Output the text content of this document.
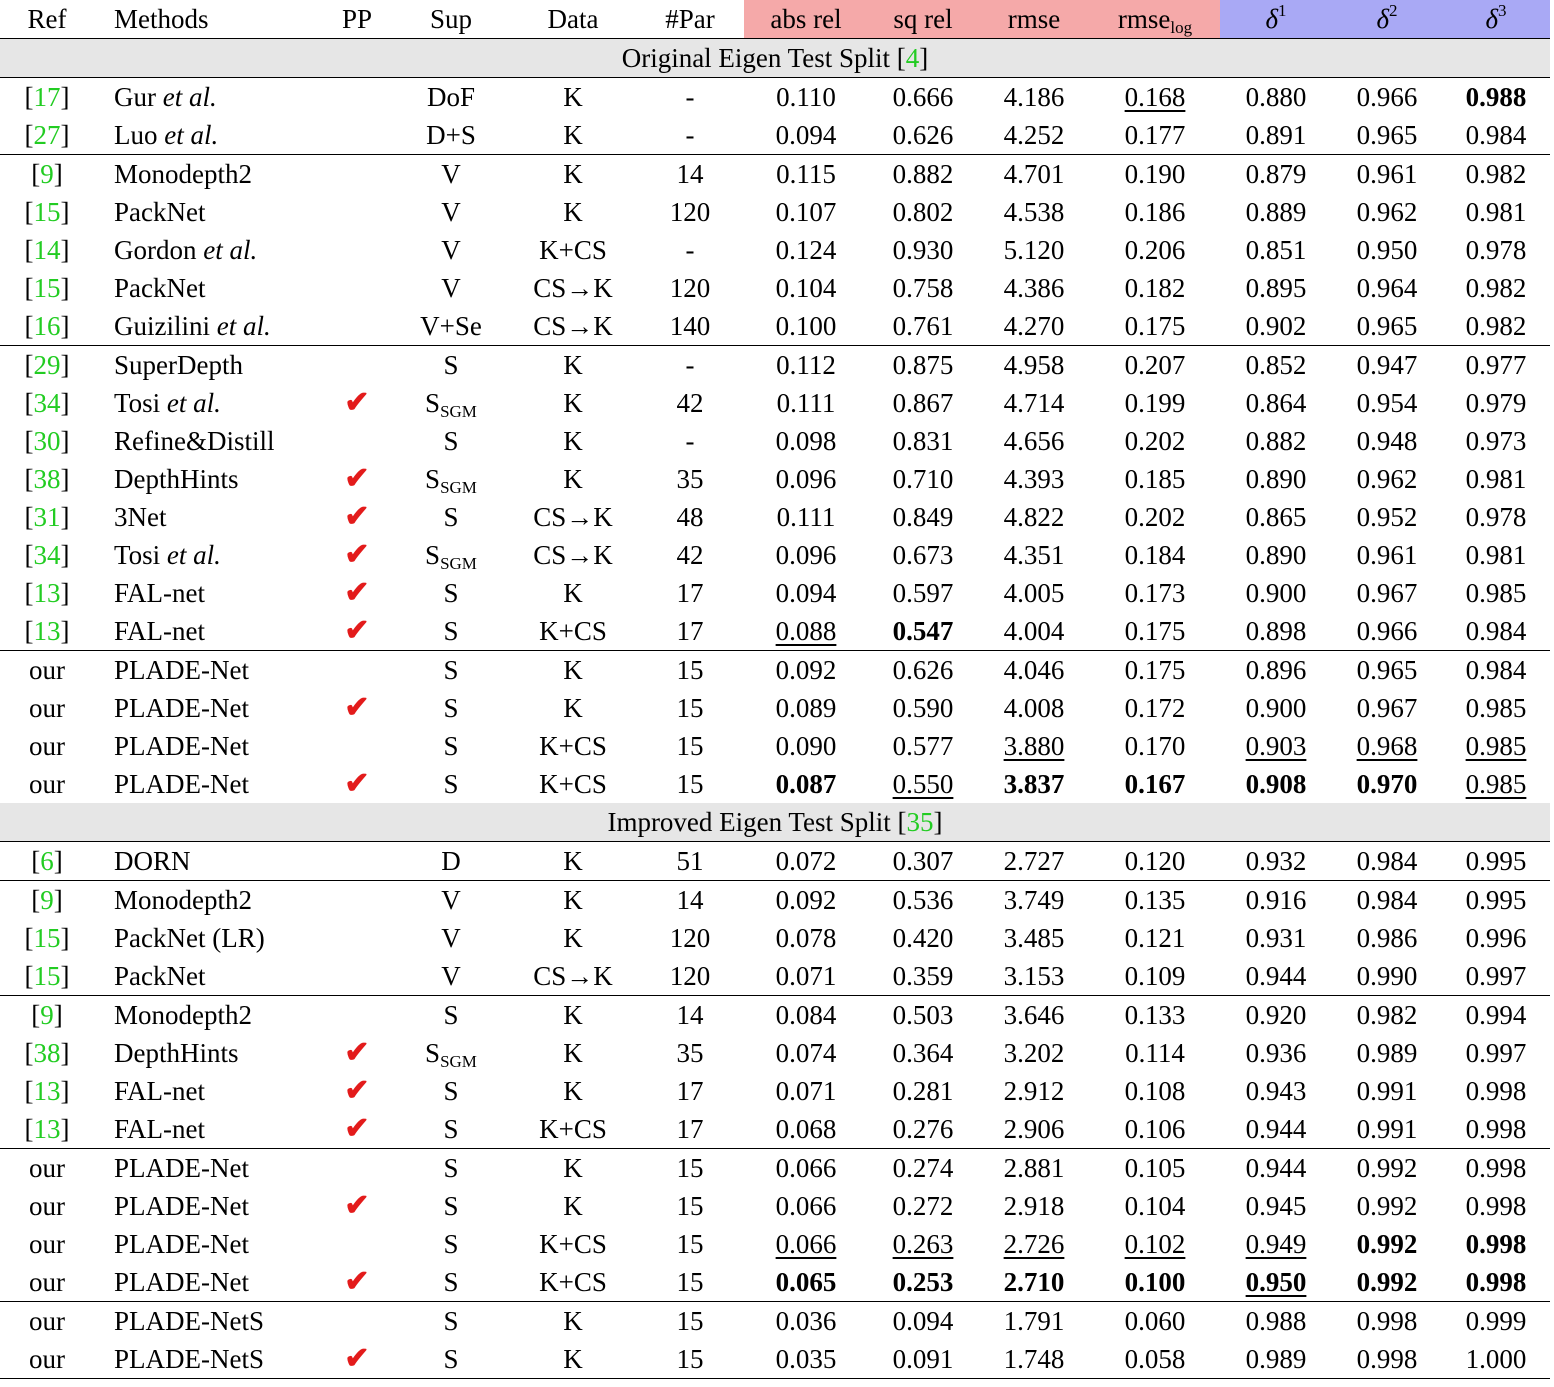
Ref	Methods	PP	Sup	Data	#Par	abs rel	sq rel	rmse	rmse$_{log}$	$\delta^1$	$\delta^2$	$\delta^3$
Original Eigen Test Split [4]												
[17]	Gur et al.		DoF	K	-	0.110	0.666	4.186	0.168	0.880	0.966	0.988
[27]	Luo et al.		D+S	K	-	0.094	0.626	4.252	0.177	0.891	0.965	0.984
[9]	Monodepth2		V	K	14	0.115	0.882	4.701	0.190	0.879	0.961	0.982
[15]	PackNet		V	K	120	0.107	0.802	4.538	0.186	0.889	0.962	0.981
[14]	Gordon et al.		V	K+CS	-	0.124	0.930	5.120	0.206	0.851	0.950	0.978
[15]	PackNet		V	CS→K	120	0.104	0.758	4.386	0.182	0.895	0.964	0.982
[16]	Guizilini et al.		V+Se	CS→K	140	0.100	0.761	4.270	0.175	0.902	0.965	0.982
[29]	SuperDepth		S	K	-	0.112	0.875	4.958	0.207	0.852	0.947	0.977
[34]	Tosi et al.	✔	$S_{SGM}$	K	42	0.111	0.867	4.714	0.199	0.864	0.954	0.979
[30]	Refine&Distill		S	K	-	0.098	0.831	4.656	0.202	0.882	0.948	0.973
[38]	DepthHints	✔	$S_{SGM}$	K	35	0.096	0.710	4.393	0.185	0.890	0.962	0.981
[31]	3Net	✔	S	CS→K	48	0.111	0.849	4.822	0.202	0.865	0.952	0.978
[34]	Tosi et al.	✔	$S_{SGM}$	CS→K	42	0.096	0.673	4.351	0.184	0.890	0.961	0.981
[13]	FAL-net	✔	S	K	17	0.094	0.597	4.005	0.173	0.900	0.967	0.985
[13]	FAL-net	✔	S	K+CS	17	0.088	0.547	4.004	0.175	0.898	0.966	0.984
our	PLADE-Net		S	K	15	0.092	0.626	4.046	0.175	0.896	0.965	0.984
our	PLADE-Net	✔	S	K	15	0.089	0.590	4.008	0.172	0.900	0.967	0.985
our	PLADE-Net		S	K+CS	15	0.090	0.577	3.880	0.170	0.903	0.968	0.985
our	PLADE-Net	✔	S	K+CS	15	0.087	0.550	3.837	0.167	0.908	0.970	0.985
Improved Eigen Test Split [35]												
[6]	DORN		D	K	51	0.072	0.307	2.727	0.120	0.932	0.984	0.995
[9]	Monodepth2		V	K	14	0.092	0.536	3.749	0.135	0.916	0.984	0.995
[15]	PackNet (LR)		V	K	120	0.078	0.420	3.485	0.121	0.931	0.986	0.996
[15]	PackNet		V	CS→K	120	0.071	0.359	3.153	0.109	0.944	0.990	0.997
[9]	Monodepth2		S	K	14	0.084	0.503	3.646	0.133	0.920	0.982	0.994
[38]	DepthHints	✔	$S_{SGM}$	K	35	0.074	0.364	3.202	0.114	0.936	0.989	0.997
[13]	FAL-net	✔	S	K	17	0.071	0.281	2.912	0.108	0.943	0.991	0.998
[13]	FAL-net	✔	S	K+CS	17	0.068	0.276	2.906	0.106	0.944	0.991	0.998
our	PLADE-Net		S	K	15	0.066	0.274	2.881	0.105	0.944	0.992	0.998
our	PLADE-Net	✔	S	K	15	0.066	0.272	2.918	0.104	0.945	0.992	0.998
our	PLADE-Net		S	K+CS	15	0.066	0.263	2.726	0.102	0.949	0.992	0.998
our	PLADE-Net	✔	S	K+CS	15	0.065	0.253	2.710	0.100	0.950	0.992	0.998
our	PLADE-NetS		S	K	15	0.036	0.094	1.791	0.060	0.988	0.998	0.999
our	PLADE-NetS	✔	S	K	15	0.035	0.091	1.748	0.058	0.989	0.998	1.000
